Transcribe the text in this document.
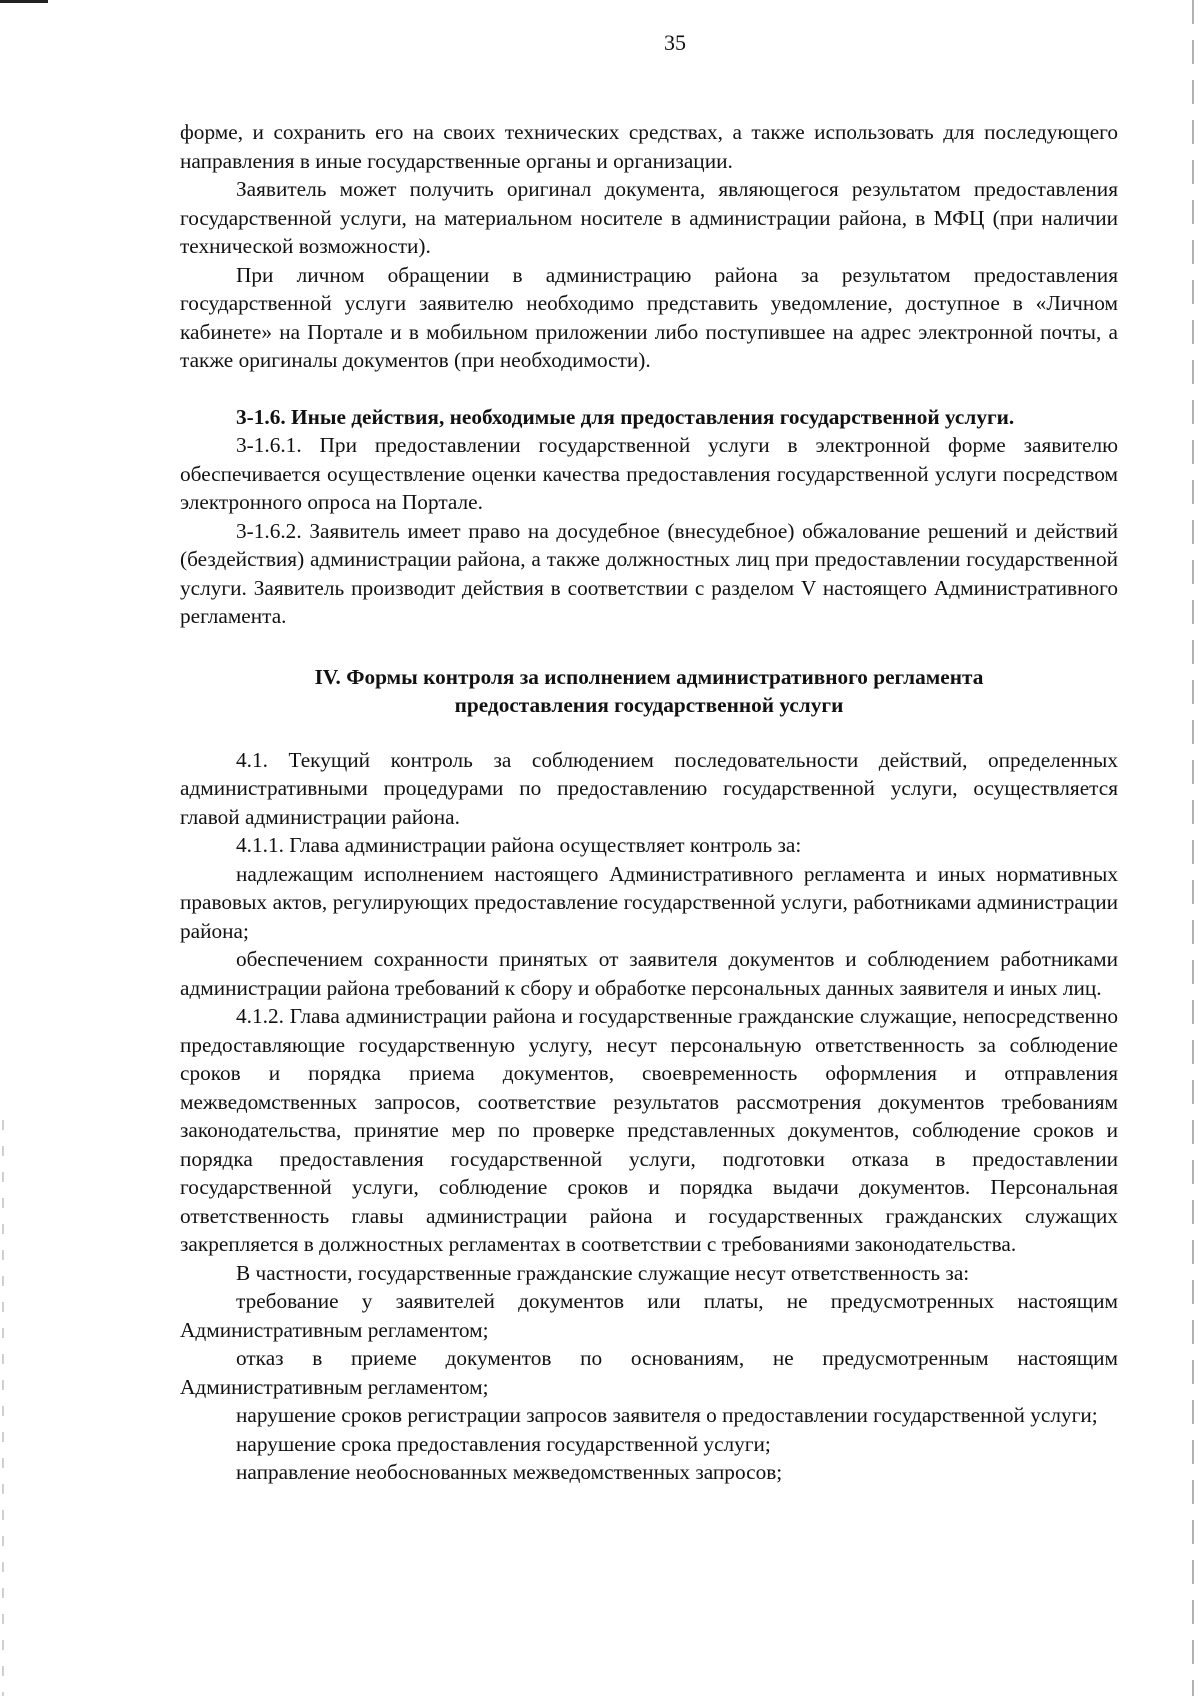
35

форме, и сохранить его на своих технических средствах, а также использовать для последующего направления в иные государственные органы и организации.

Заявитель может получить оригинал документа, являющегося результатом предоставления государственной услуги, на материальном носителе в администрации района, в МФЦ (при наличии технической возможности).

При личном обращении в администрацию района за результатом предоставления государственной услуги заявителю необходимо представить уведомление, доступное в «Личном кабинете» на Портале и в мобильном приложении либо поступившее на адрес электронной почты, а также оригиналы документов (при необходимости).

3-1.6. Иные действия, необходимые для предоставления государственной услуги.

3-1.6.1. При предоставлении государственной услуги в электронной форме заявителю обеспечивается осуществление оценки качества предоставления государственной услуги посредством электронного опроса на Портале.

3-1.6.2. Заявитель имеет право на досудебное (внесудебное) обжалование решений и действий (бездействия) администрации района, а также должностных лиц при предоставлении государственной услуги. Заявитель производит действия в соответствии с разделом V настоящего Административного регламента.

IV. Формы контроля за исполнением административного регламента
предоставления государственной услуги

4.1. Текущий контроль за соблюдением последовательности действий, определенных административными процедурами по предоставлению государственной услуги, осуществляется главой администрации района.

4.1.1. Глава администрации района осуществляет контроль за:

надлежащим исполнением настоящего Административного регламента и иных нормативных правовых актов, регулирующих предоставление государственной услуги, работниками администрации района;

обеспечением сохранности принятых от заявителя документов и соблюдением работниками администрации района требований к сбору и обработке персональных данных заявителя и иных лиц.

4.1.2. Глава администрации района и государственные гражданские служащие, непосредственно предоставляющие государственную услугу, несут персональную ответственность за соблюдение сроков и порядка приема документов, своевременность оформления и отправления межведомственных запросов, соответствие результатов рассмотрения документов требованиям законодательства, принятие мер по проверке представленных документов, соблюдение сроков и порядка предоставления государственной услуги, подготовки отказа в предоставлении государственной услуги, соблюдение сроков и порядка выдачи документов. Персональная ответственность главы администрации района и государственных гражданских служащих закрепляется в должностных регламентах в соответствии с требованиями законодательства.

В частности, государственные гражданские служащие несут ответственность за:

требование у заявителей документов или платы, не предусмотренных настоящим Административным регламентом;

отказ в приеме документов по основаниям, не предусмотренным настоящим Административным регламентом;

нарушение сроков регистрации запросов заявителя о предоставлении государственной услуги;

нарушение срока предоставления государственной услуги;

направление необоснованных межведомственных запросов;
